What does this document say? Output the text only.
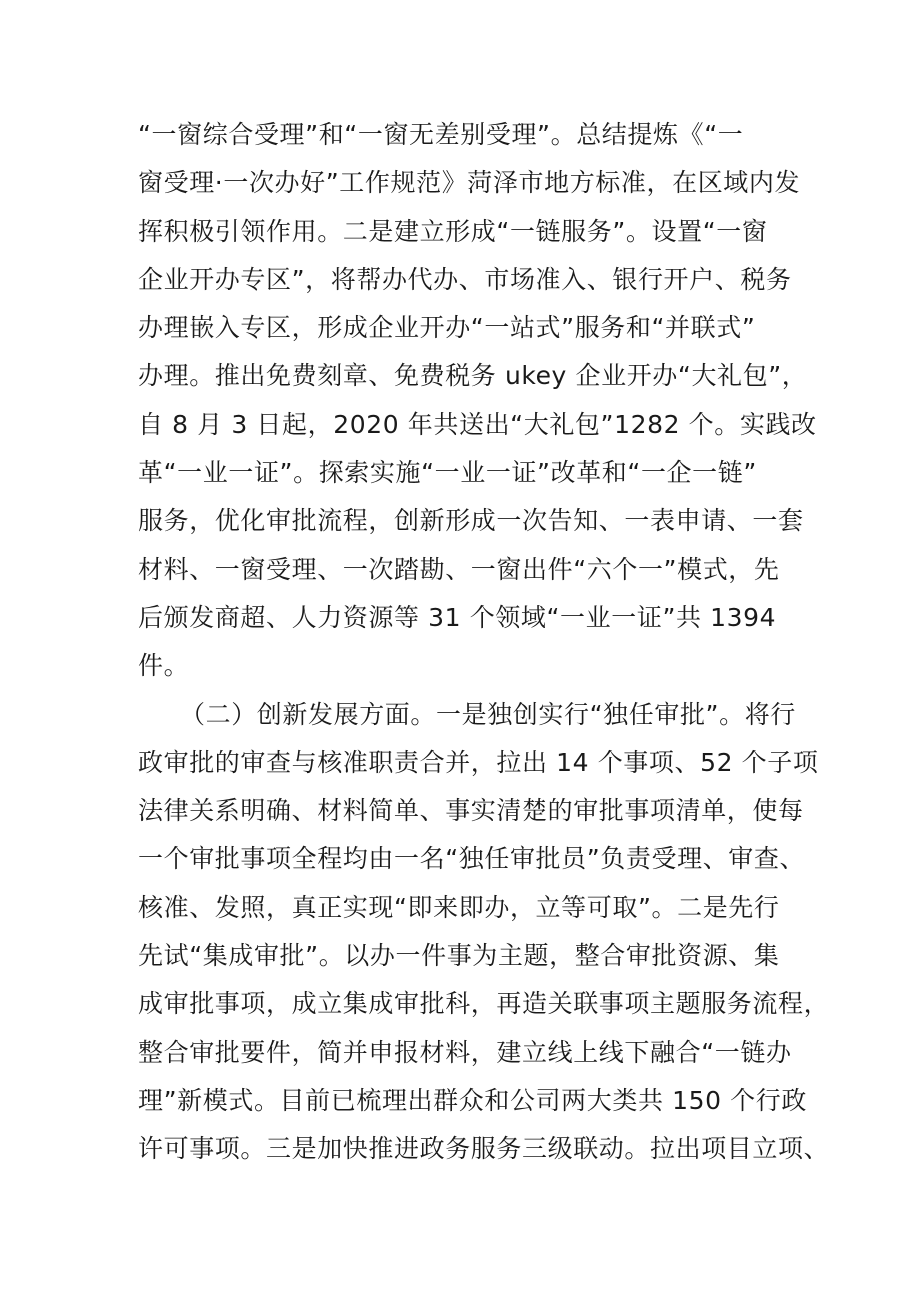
“一窗综合受理”和“一窗无差别受理”。总结提炼《“一
窗受理·一次办好”工作规范》菏泽市地方标准，在区域内发
挥积极引领作用。二是建立形成“一链服务”。设置“一窗
企业开办专区”，将帮办代办、市场准入、银行开户、税务
办理嵌入专区，形成企业开办“一站式”服务和“并联式”
办理。推出免费刻章、免费税务 ukey 企业开办“大礼包”，
自 8 月 3 日起，2020 年共送出“大礼包”1282 个。实践改
革“一业一证”。探索实施“一业一证”改革和“一企一链”
服务，优化审批流程，创新形成一次告知、一表申请、一套
材料、一窗受理、一次踏勘、一窗出件“六个一”模式，先
后颁发商超、人力资源等 31 个领域“一业一证”共 1394
件。
（二）创新发展方面。一是独创实行“独任审批”。将行
政审批的审查与核准职责合并，拉出 14 个事项、52 个子项
法律关系明确、材料简单、事实清楚的审批事项清单，使每
一个审批事项全程均由一名“独任审批员”负责受理、审查、
核准、发照，真正实现“即来即办，立等可取”。二是先行
先试“集成审批”。以办一件事为主题，整合审批资源、集
成审批事项，成立集成审批科，再造关联事项主题服务流程，
整合审批要件，简并申报材料，建立线上线下融合“一链办
理”新模式。目前已梳理出群众和公司两大类共 150 个行政
许可事项。三是加快推进政务服务三级联动。拉出项目立项、
